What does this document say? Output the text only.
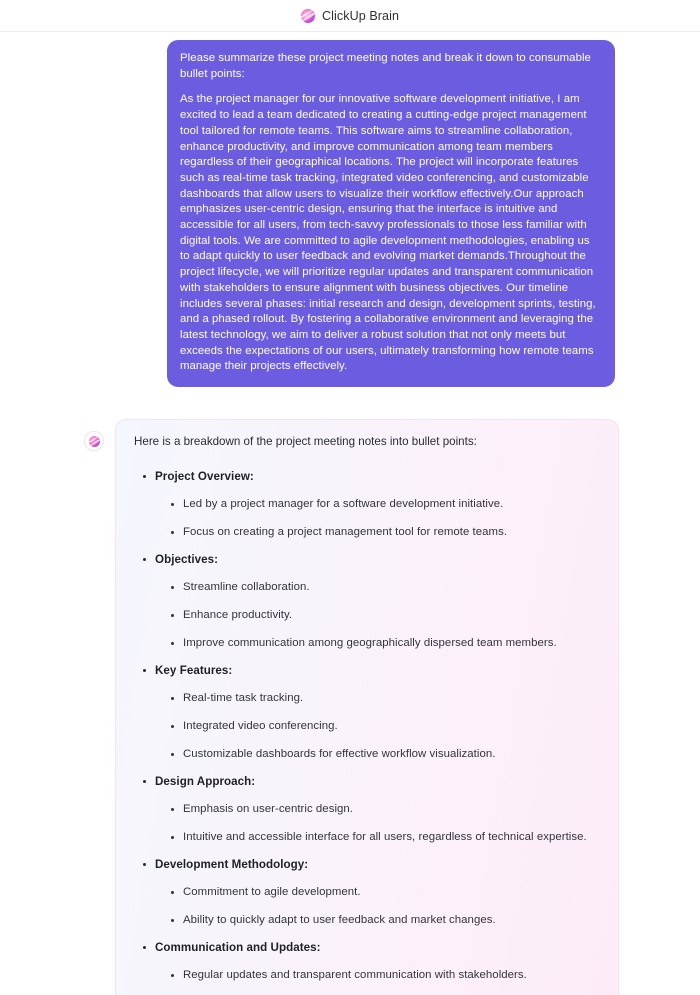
ClickUp Brain

Please summarize these project meeting notes and break it down to consumable bullet points:

As the project manager for our innovative software development initiative, I am excited to lead a team dedicated to creating a cutting-edge project management tool tailored for remote teams. This software aims to streamline collaboration, enhance productivity, and improve communication among team members regardless of their geographical locations. The project will incorporate features such as real-time task tracking, integrated video conferencing, and customizable dashboards that allow users to visualize their workflow effectively.Our approach emphasizes user-centric design, ensuring that the interface is intuitive and accessible for all users, from tech-savvy professionals to those less familiar with digital tools. We are committed to agile development methodologies, enabling us to adapt quickly to user feedback and evolving market demands.Throughout the project lifecycle, we will prioritize regular updates and transparent communication with stakeholders to ensure alignment with business objectives. Our timeline includes several phases: initial research and design, development sprints, testing, and a phased rollout. By fostering a collaborative environment and leveraging the latest technology, we aim to deliver a robust solution that not only meets but exceeds the expectations of our users, ultimately transforming how remote teams manage their projects effectively.

Here is a breakdown of the project meeting notes into bullet points:

Project Overview:
Led by a project manager for a software development initiative.
Focus on creating a project management tool for remote teams.
Objectives:
Streamline collaboration.
Enhance productivity.
Improve communication among geographically dispersed team members.
Key Features:
Real-time task tracking.
Integrated video conferencing.
Customizable dashboards for effective workflow visualization.
Design Approach:
Emphasis on user-centric design.
Intuitive and accessible interface for all users, regardless of technical expertise.
Development Methodology:
Commitment to agile development.
Ability to quickly adapt to user feedback and market changes.
Communication and Updates:
Regular updates and transparent communication with stakeholders.
